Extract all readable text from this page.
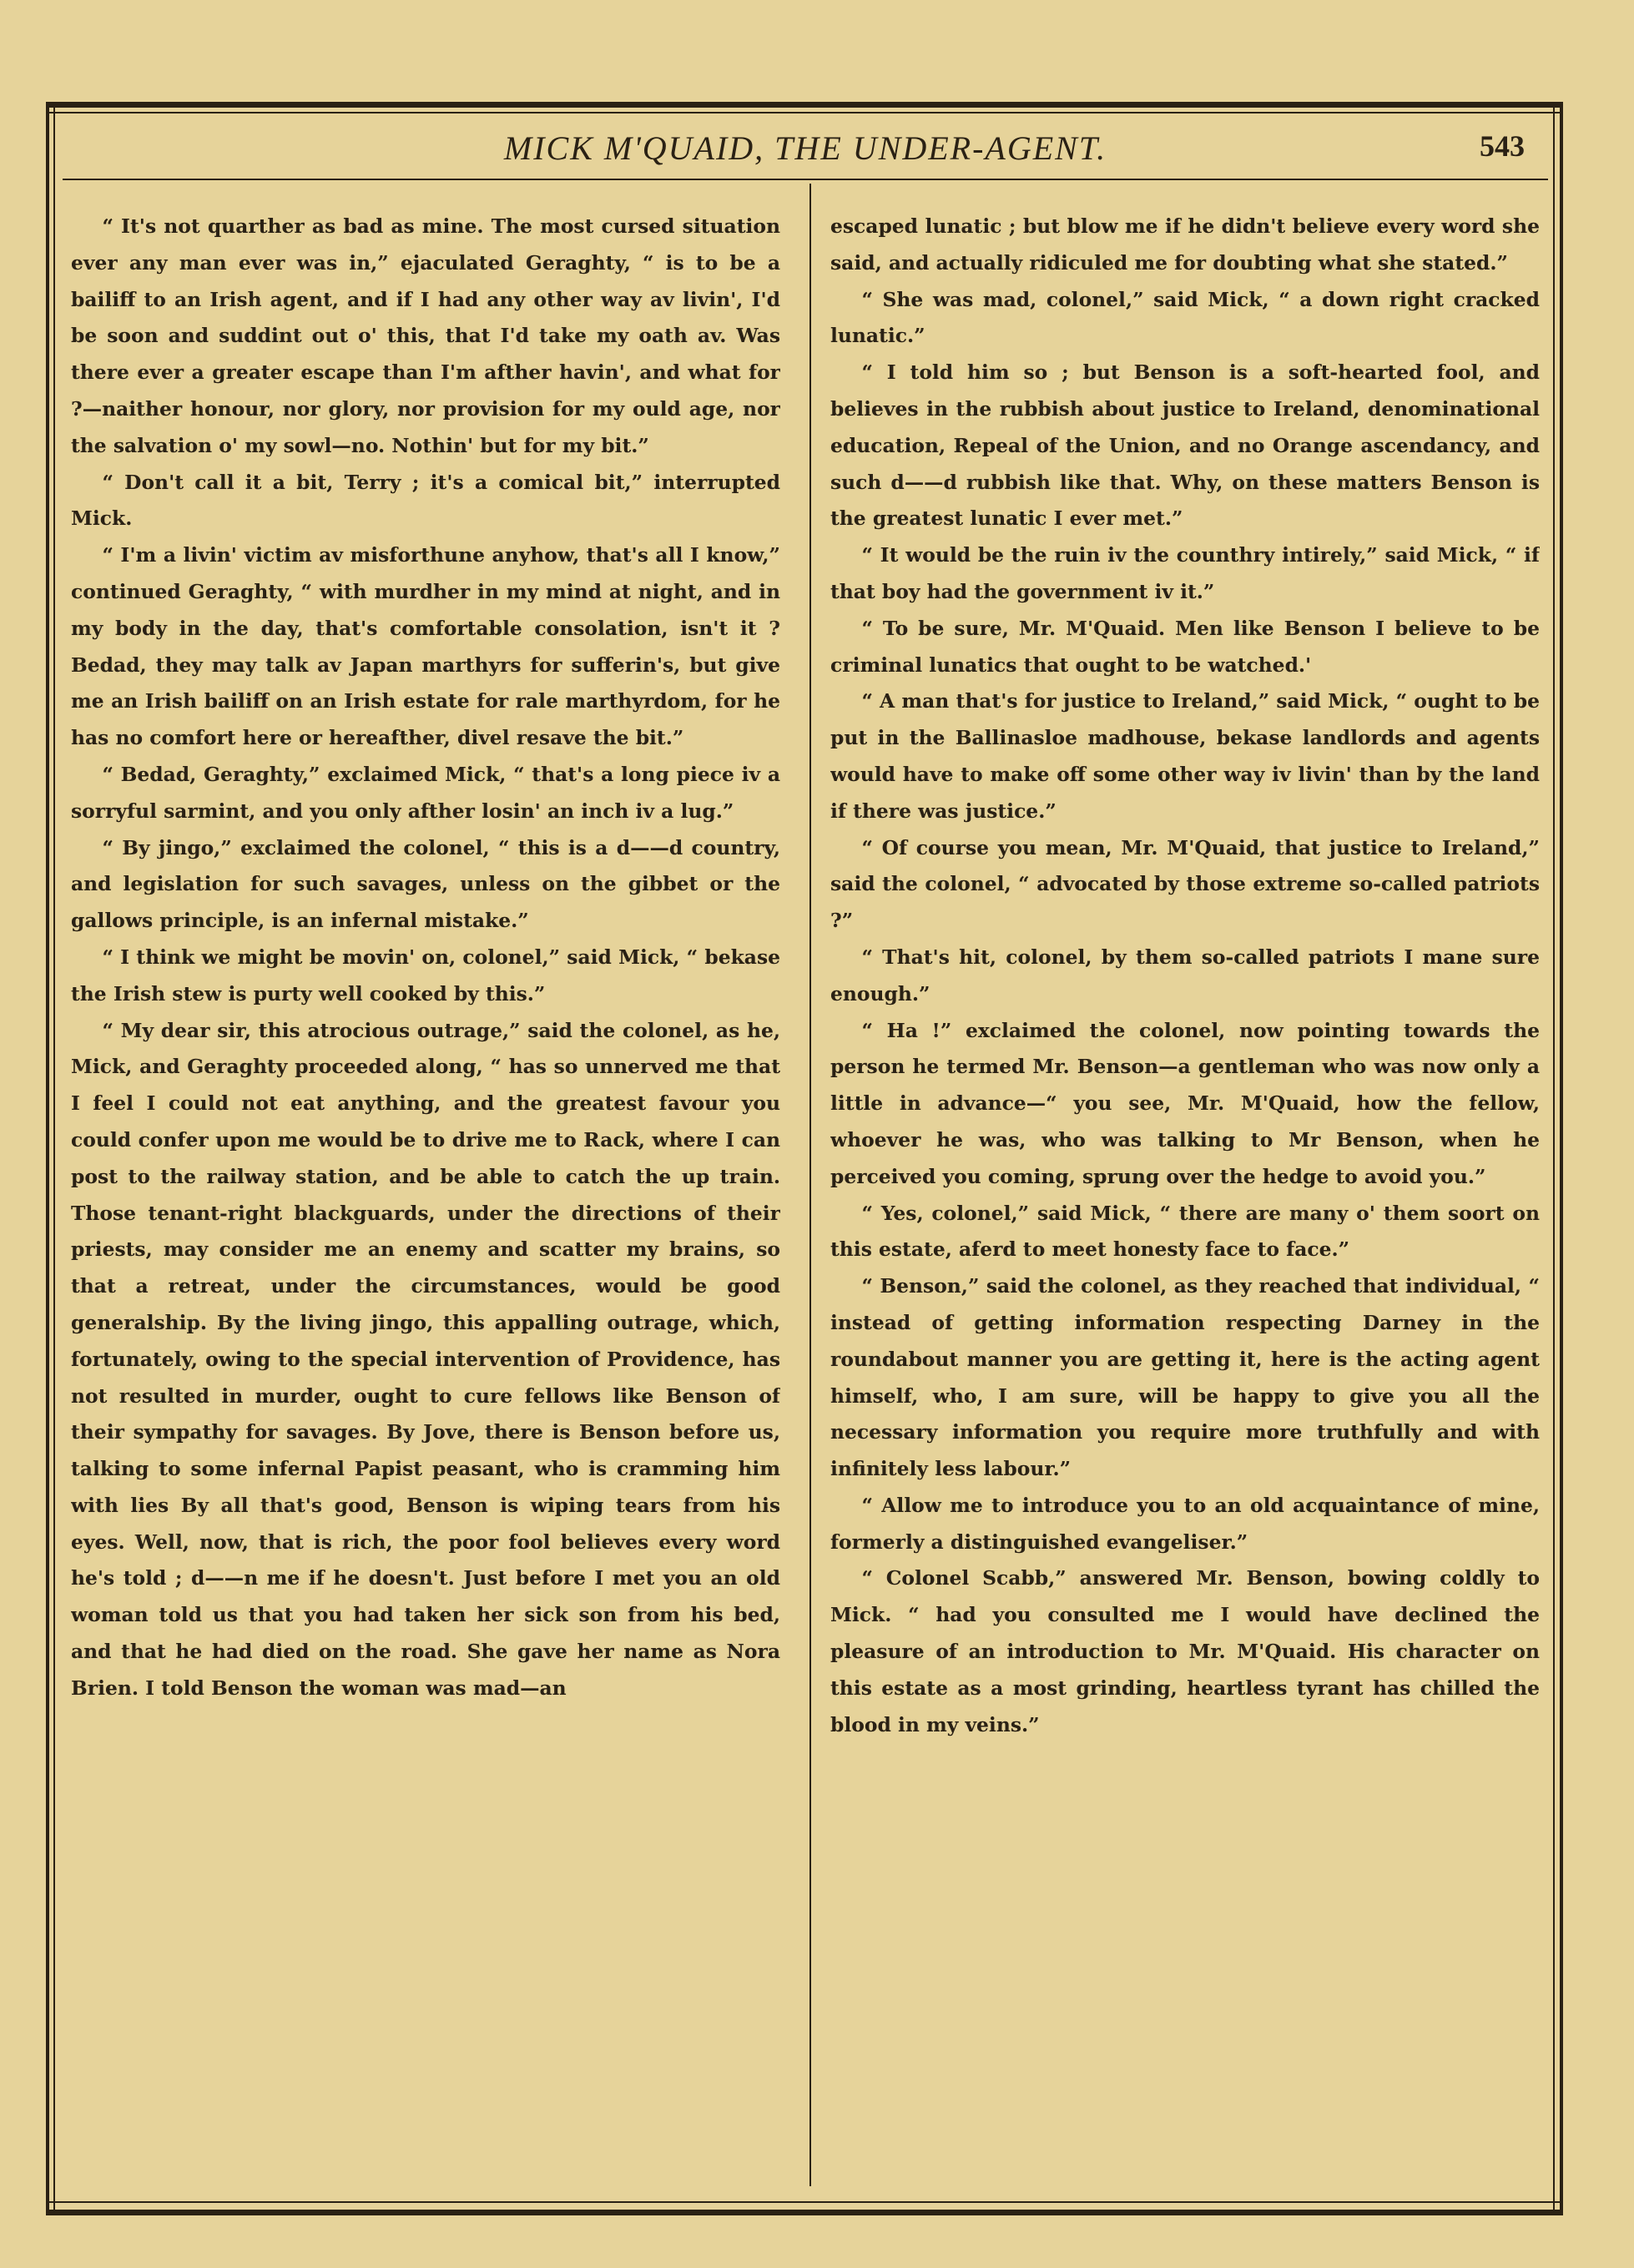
MICK M'QUAID, THE UNDER-AGENT.	543

“ It's not quarther as bad as mine. The most cursed situation ever any man ever was in,” ejaculated Geraghty, “ is to be a bailiff to an Irish agent, and if I had any other way av livin', I'd be soon and suddint out o' this, that I'd take my oath av. Was there ever a greater escape than I'm afther havin', and what for ?—naither honour, nor glory, nor provision for my ould age, nor the salvation o' my sowl—no. Nothin' but for my bit.”

“ Don't call it a bit, Terry ; it's a comical bit,” interrupted Mick.

“ I'm a livin' victim av misforthune anyhow, that's all I know,” continued Geraghty, “ with murdher in my mind at night, and in my body in the day, that's comfortable consolation, isn't it ? Bedad, they may talk av Japan marthyrs for sufferin's, but give me an Irish bailiff on an Irish estate for rale marthyrdom, for he has no comfort here or hereafther, divel resave the bit.”

“ Bedad, Geraghty,” exclaimed Mick, “ that's a long piece iv a sorryful sarmint, and you only afther losin' an inch iv a lug.”

“ By jingo,” exclaimed the colonel, “ this is a d——d country, and legislation for such savages, unless on the gibbet or the gallows principle, is an infernal mistake.”

“ I think we might be movin' on, colonel,” said Mick, “ bekase the Irish stew is purty well cooked by this.”

“ My dear sir, this atrocious outrage,” said the colonel, as he, Mick, and Geraghty proceeded along, “ has so unnerved me that I feel I could not eat anything, and the greatest favour you could confer upon me would be to drive me to Rack, where I can post to the railway station, and be able to catch the up train. Those tenant-right blackguards, under the directions of their priests, may consider me an enemy and scatter my brains, so that a retreat, under the circumstances, would be good generalship. By the living jingo, this appalling outrage, which, fortunately, owing to the special intervention of Providence, has not resulted in murder, ought to cure fellows like Benson of their sympathy for savages. By Jove, there is Benson before us, talking to some infernal Papist peasant, who is cramming him with lies By all that's good, Benson is wiping tears from his eyes. Well, now, that is rich, the poor fool believes every word he's told ; d——n me if he doesn't. Just before I met you an old woman told us that you had taken her sick son from his bed, and that he had died on the road. She gave her name as Nora Brien. I told Benson the woman was mad—an

escaped lunatic ; but blow me if he didn't believe every word she said, and actually ridiculed me for doubting what she stated.”

“ She was mad, colonel,” said Mick, “ a down right cracked lunatic.”

“ I told him so ; but Benson is a soft-hearted fool, and believes in the rubbish about justice to Ireland, denominational education, Repeal of the Union, and no Orange ascendancy, and such d——d rubbish like that. Why, on these matters Benson is the greatest lunatic I ever met.”

“ It would be the ruin iv the counthry intirely,” said Mick, “ if that boy had the government iv it.”

“ To be sure, Mr. M'Quaid. Men like Benson I believe to be criminal lunatics that ought to be watched.'

“ A man that's for justice to Ireland,” said Mick, “ ought to be put in the Ballinasloe madhouse, bekase landlords and agents would have to make off some other way iv livin' than by the land if there was justice.”

“ Of course you mean, Mr. M'Quaid, that justice to Ireland,” said the colonel, “ advocated by those extreme so-called patriots ?”

“ That's hit, colonel, by them so-called patriots I mane sure enough.”

“ Ha !” exclaimed the colonel, now pointing towards the person he termed Mr. Benson—a gentleman who was now only a little in advance—“ you see, Mr. M'Quaid, how the fellow, whoever he was, who was talking to Mr Benson, when he perceived you coming, sprung over the hedge to avoid you.”

“ Yes, colonel,” said Mick, “ there are many o' them soort on this estate, aferd to meet honesty face to face.”

“ Benson,” said the colonel, as they reached that individual, “ instead of getting information respecting Darney in the roundabout manner you are getting it, here is the acting agent himself, who, I am sure, will be happy to give you all the necessary information you require more truthfully and with infinitely less labour.”

“ Allow me to introduce you to an old acquaintance of mine, formerly a distinguished evangeliser.”

“ Colonel Scabb,” answered Mr. Benson, bowing coldly to Mick. “ had you consulted me I would have declined the pleasure of an introduction to Mr. M'Quaid. His character on this estate as a most grinding, heartless tyrant has chilled the blood in my veins.”
